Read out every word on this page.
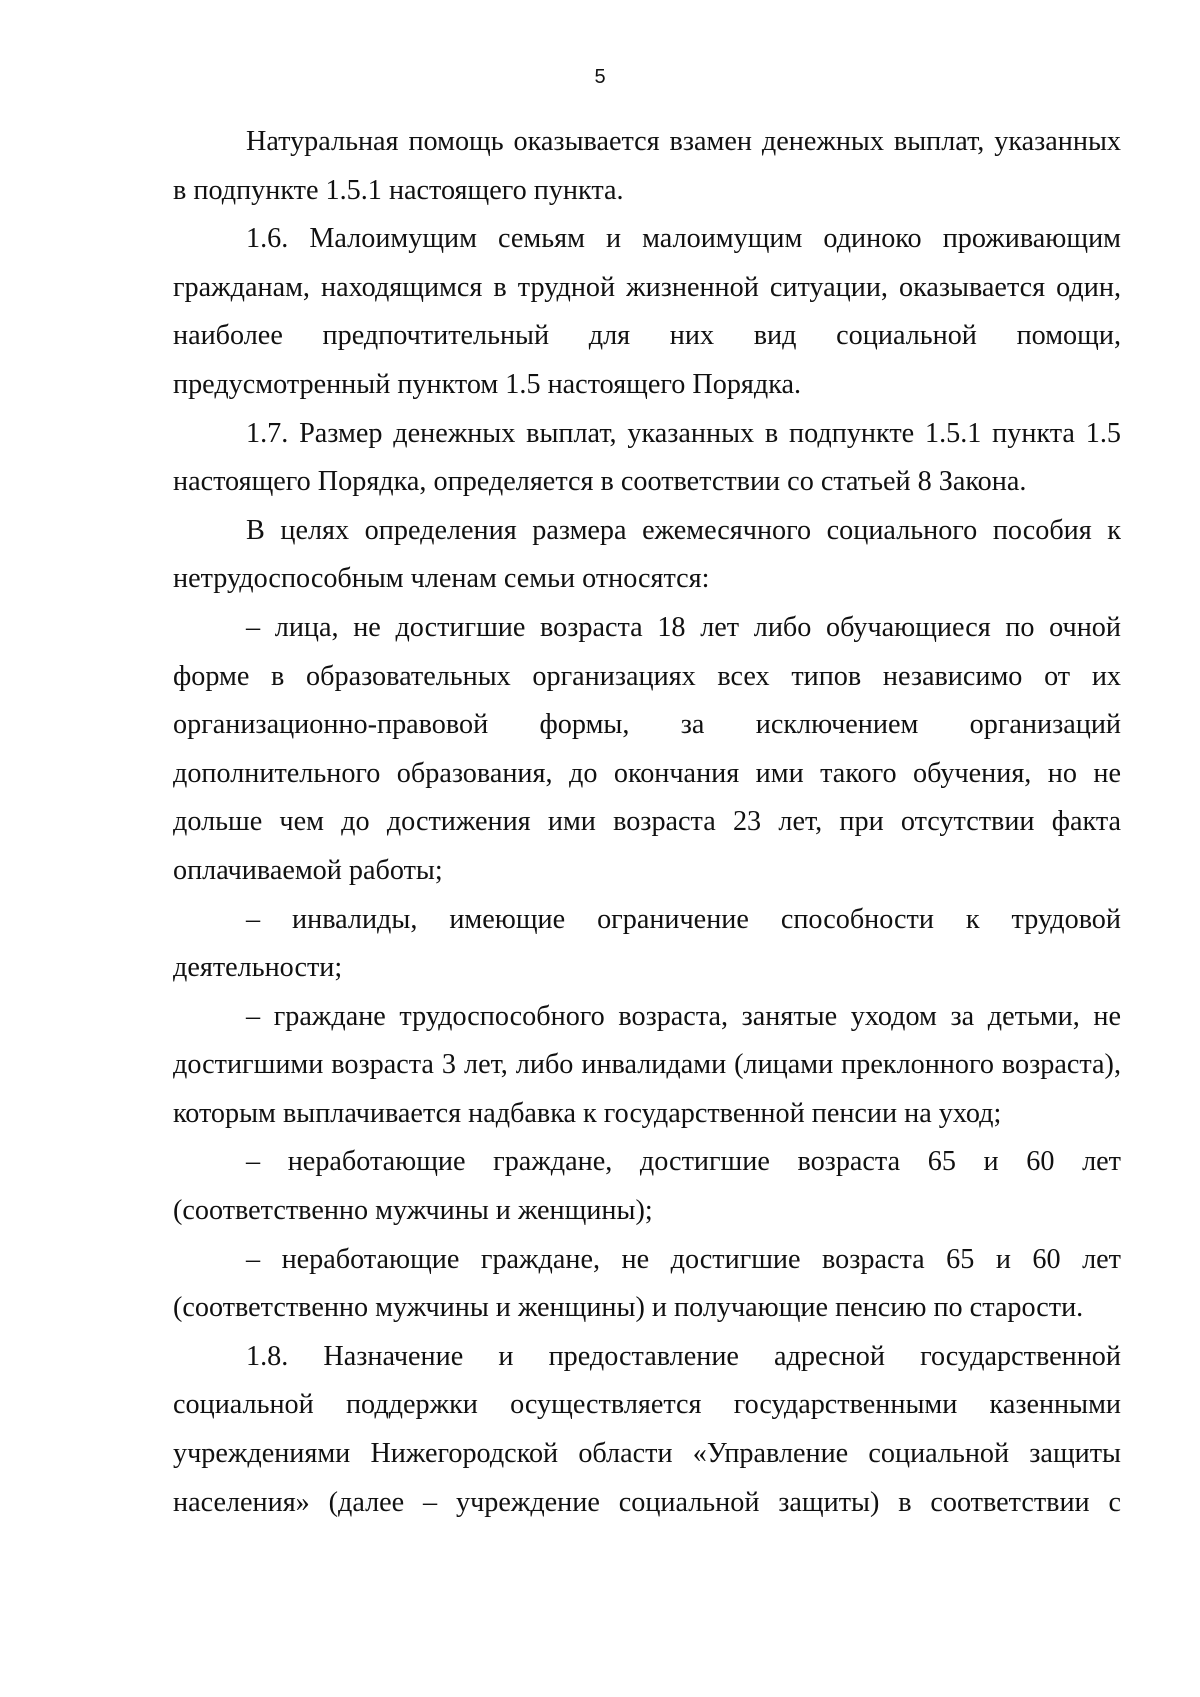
5

Натуральная помощь оказывается взамен денежных выплат, указанных в подпункте 1.5.1 настоящего пункта.

1.6. Малоимущим семьям и малоимущим одиноко проживающим гражданам, находящимся в трудной жизненной ситуации, оказывается один, наиболее предпочтительный для них вид социальной помощи, предусмотренный пунктом 1.5 настоящего Порядка.

1.7. Размер денежных выплат, указанных в подпункте 1.5.1 пункта 1.5 настоящего Порядка, определяется в соответствии со статьей 8 Закона.

В целях определения размера ежемесячного социального пособия к нетрудоспособным членам семьи относятся:

– лица, не достигшие возраста 18 лет либо обучающиеся по очной форме в образовательных организациях всех типов независимо от их организационно-правовой формы, за исключением организаций дополнительного образования, до окончания ими такого обучения, но не дольше чем до достижения ими возраста 23 лет, при отсутствии факта оплачиваемой работы;

– инвалиды, имеющие ограничение способности к трудовой деятельности;

– граждане трудоспособного возраста, занятые уходом за детьми, не достигшими возраста 3 лет, либо инвалидами (лицами преклонного возраста), которым выплачивается надбавка к государственной пенсии на уход;

– неработающие граждане, достигшие возраста 65 и 60 лет (соответственно мужчины и женщины);

– неработающие граждане, не достигшие возраста 65 и 60 лет (соответственно мужчины и женщины) и получающие пенсию по старости.

1.8. Назначение и предоставление адресной государственной социальной поддержки осуществляется государственными казенными учреждениями Нижегородской области «Управление социальной защиты населения» (далее – учреждение социальной защиты) в соответствии с
